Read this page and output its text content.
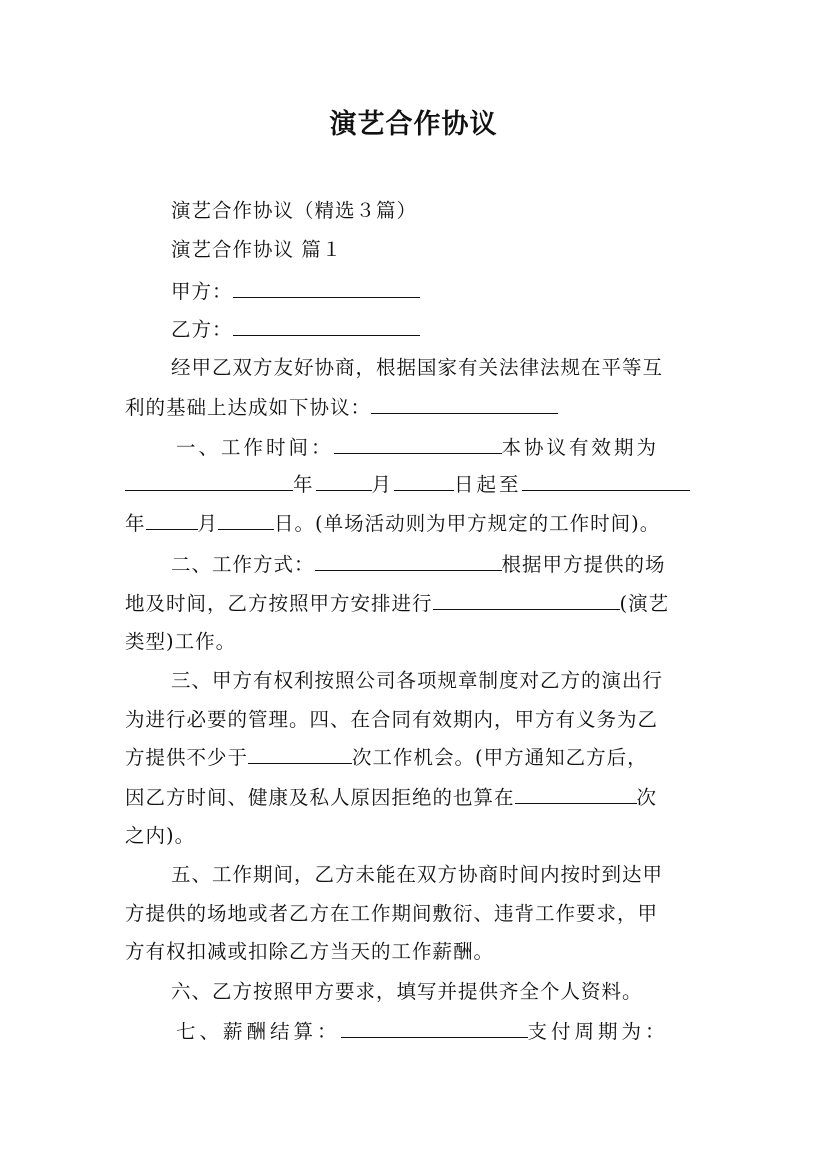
演艺合作协议
演艺合作协议（精选３篇）
演艺合作协议 篇１
甲方：
乙方：
经甲乙双方友好协商，根据国家有关法律法规在平等互
利的基础上达成如下协议：
一、工作时间：	本协议有效期为
年	月	日起至
年	月	日。(单场活动则为甲方规定的工作时间)。
二、工作方式：	根据甲方提供的场
地及时间，乙方按照甲方安排进行	(演艺
类型)工作。
三、甲方有权利按照公司各项规章制度对乙方的演出行
为进行必要的管理。四、在合同有效期内，甲方有义务为乙
方提供不少于	次工作机会。(甲方通知乙方后，
因乙方时间、健康及私人原因拒绝的也算在	次
之内)。
五、工作期间，乙方未能在双方协商时间内按时到达甲
方提供的场地或者乙方在工作期间敷衍、违背工作要求，甲
方有权扣减或扣除乙方当天的工作薪酬。
六、乙方按照甲方要求，填写并提供齐全个人资料。
七、薪酬结算：	支付周期为：
